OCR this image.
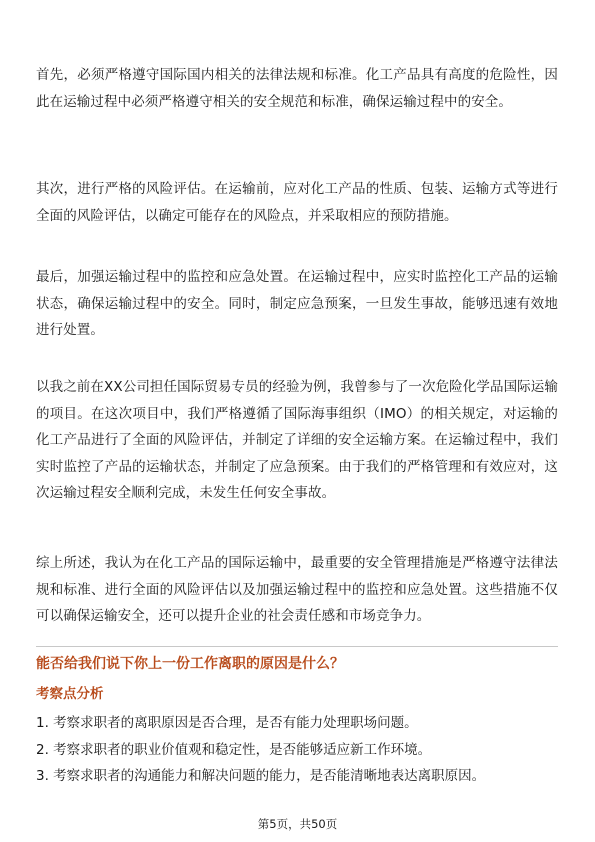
首先，必须严格遵守国际国内相关的法律法规和标准。化工产品具有高度的危险性，因此在运输过程中必须严格遵守相关的安全规范和标准，确保运输过程中的安全。

其次，进行严格的风险评估。在运输前，应对化工产品的性质、包装、运输方式等进行全面的风险评估，以确定可能存在的风险点，并采取相应的预防措施。

最后，加强运输过程中的监控和应急处置。在运输过程中，应实时监控化工产品的运输状态，确保运输过程中的安全。同时，制定应急预案，一旦发生事故，能够迅速有效地进行处置。

以我之前在XX公司担任国际贸易专员的经验为例，我曾参与了一次危险化学品国际运输的项目。在这次项目中，我们严格遵循了国际海事组织（IMO）的相关规定，对运输的化工产品进行了全面的风险评估，并制定了详细的安全运输方案。在运输过程中，我们实时监控了产品的运输状态，并制定了应急预案。由于我们的严格管理和有效应对，这次运输过程安全顺利完成，未发生任何安全事故。

综上所述，我认为在化工产品的国际运输中，最重要的安全管理措施是严格遵守法律法规和标准、进行全面的风险评估以及加强运输过程中的监控和应急处置。这些措施不仅可以确保运输安全，还可以提升企业的社会责任感和市场竞争力。

能否给我们说下你上一份工作离职的原因是什么？

考察点分析

1. 考察求职者的离职原因是否合理，是否有能力处理职场问题。
2. 考察求职者的职业价值观和稳定性，是否能够适应新工作环境。
3. 考察求职者的沟通能力和解决问题的能力，是否能清晰地表达离职原因。
第5页，共50页
